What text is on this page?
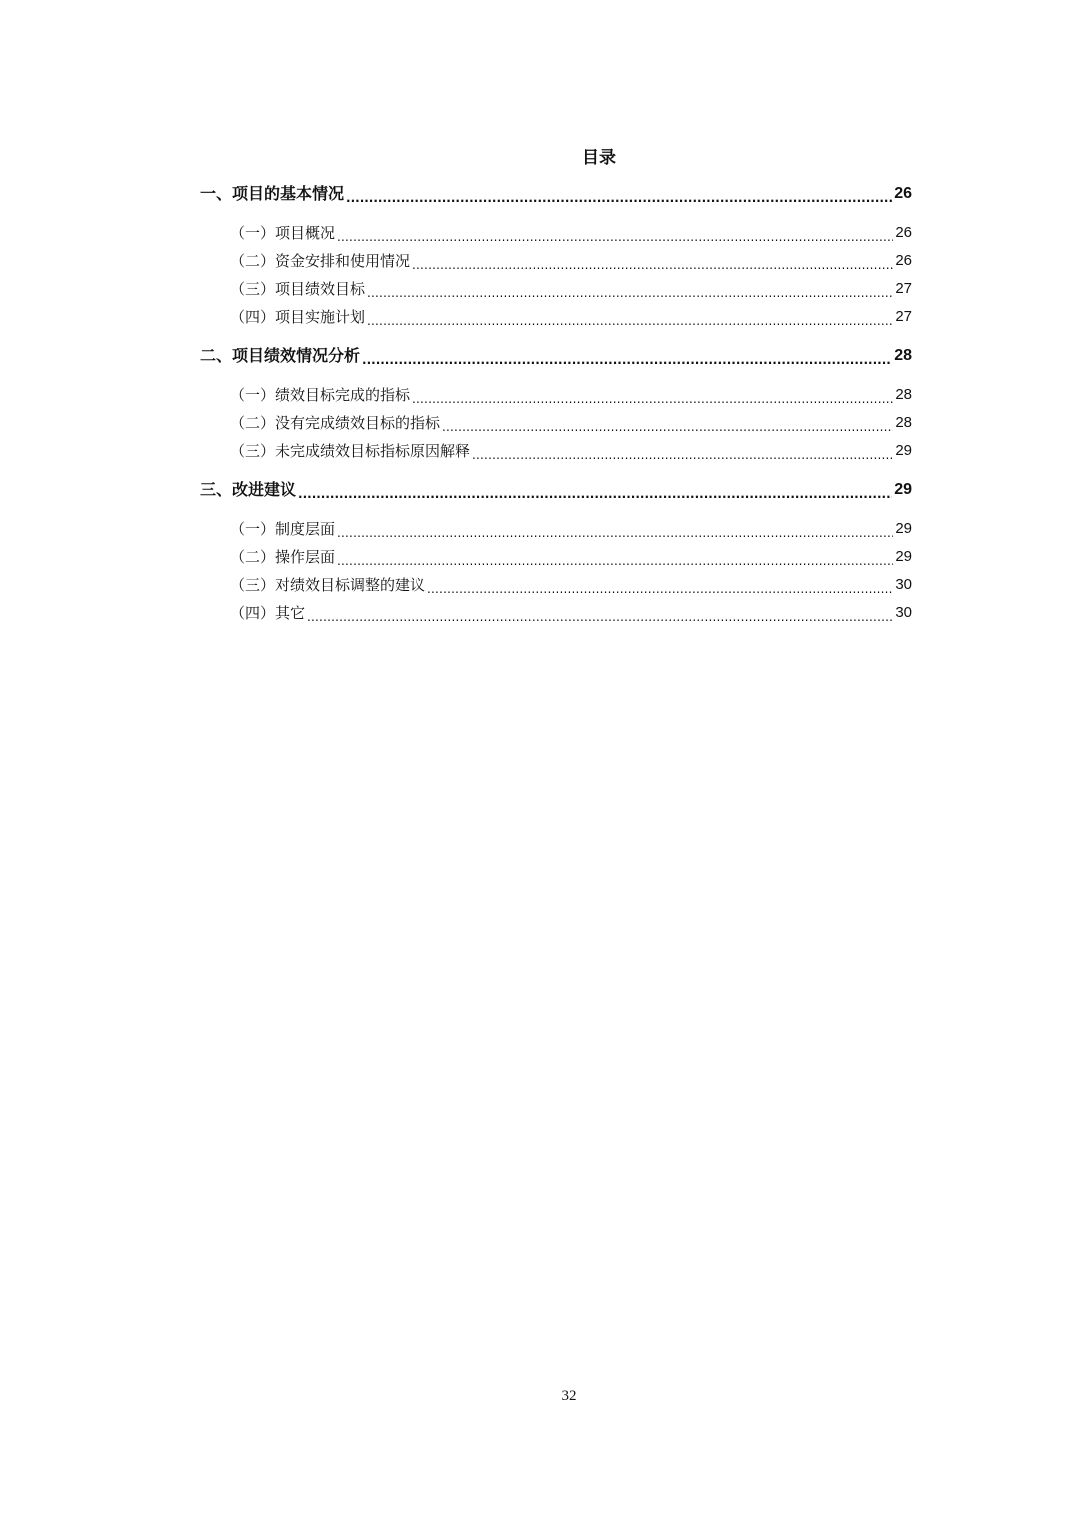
目录
一、项目的基本情况 .....	26
（一）项目概况 .....	26
（二）资金安排和使用情况 .....	26
（三）项目绩效目标 .....	27
（四）项目实施计划 .....	27
二、项目绩效情况分析 .....	28
（一）绩效目标完成的指标 .....	28
（二）没有完成绩效目标的指标 .....	28
（三）未完成绩效目标指标原因解释 .....	29
三、改进建议 .....	29
（一）制度层面 .....	29
（二）操作层面 .....	29
（三）对绩效目标调整的建议 .....	30
（四）其它 .....	30
32
